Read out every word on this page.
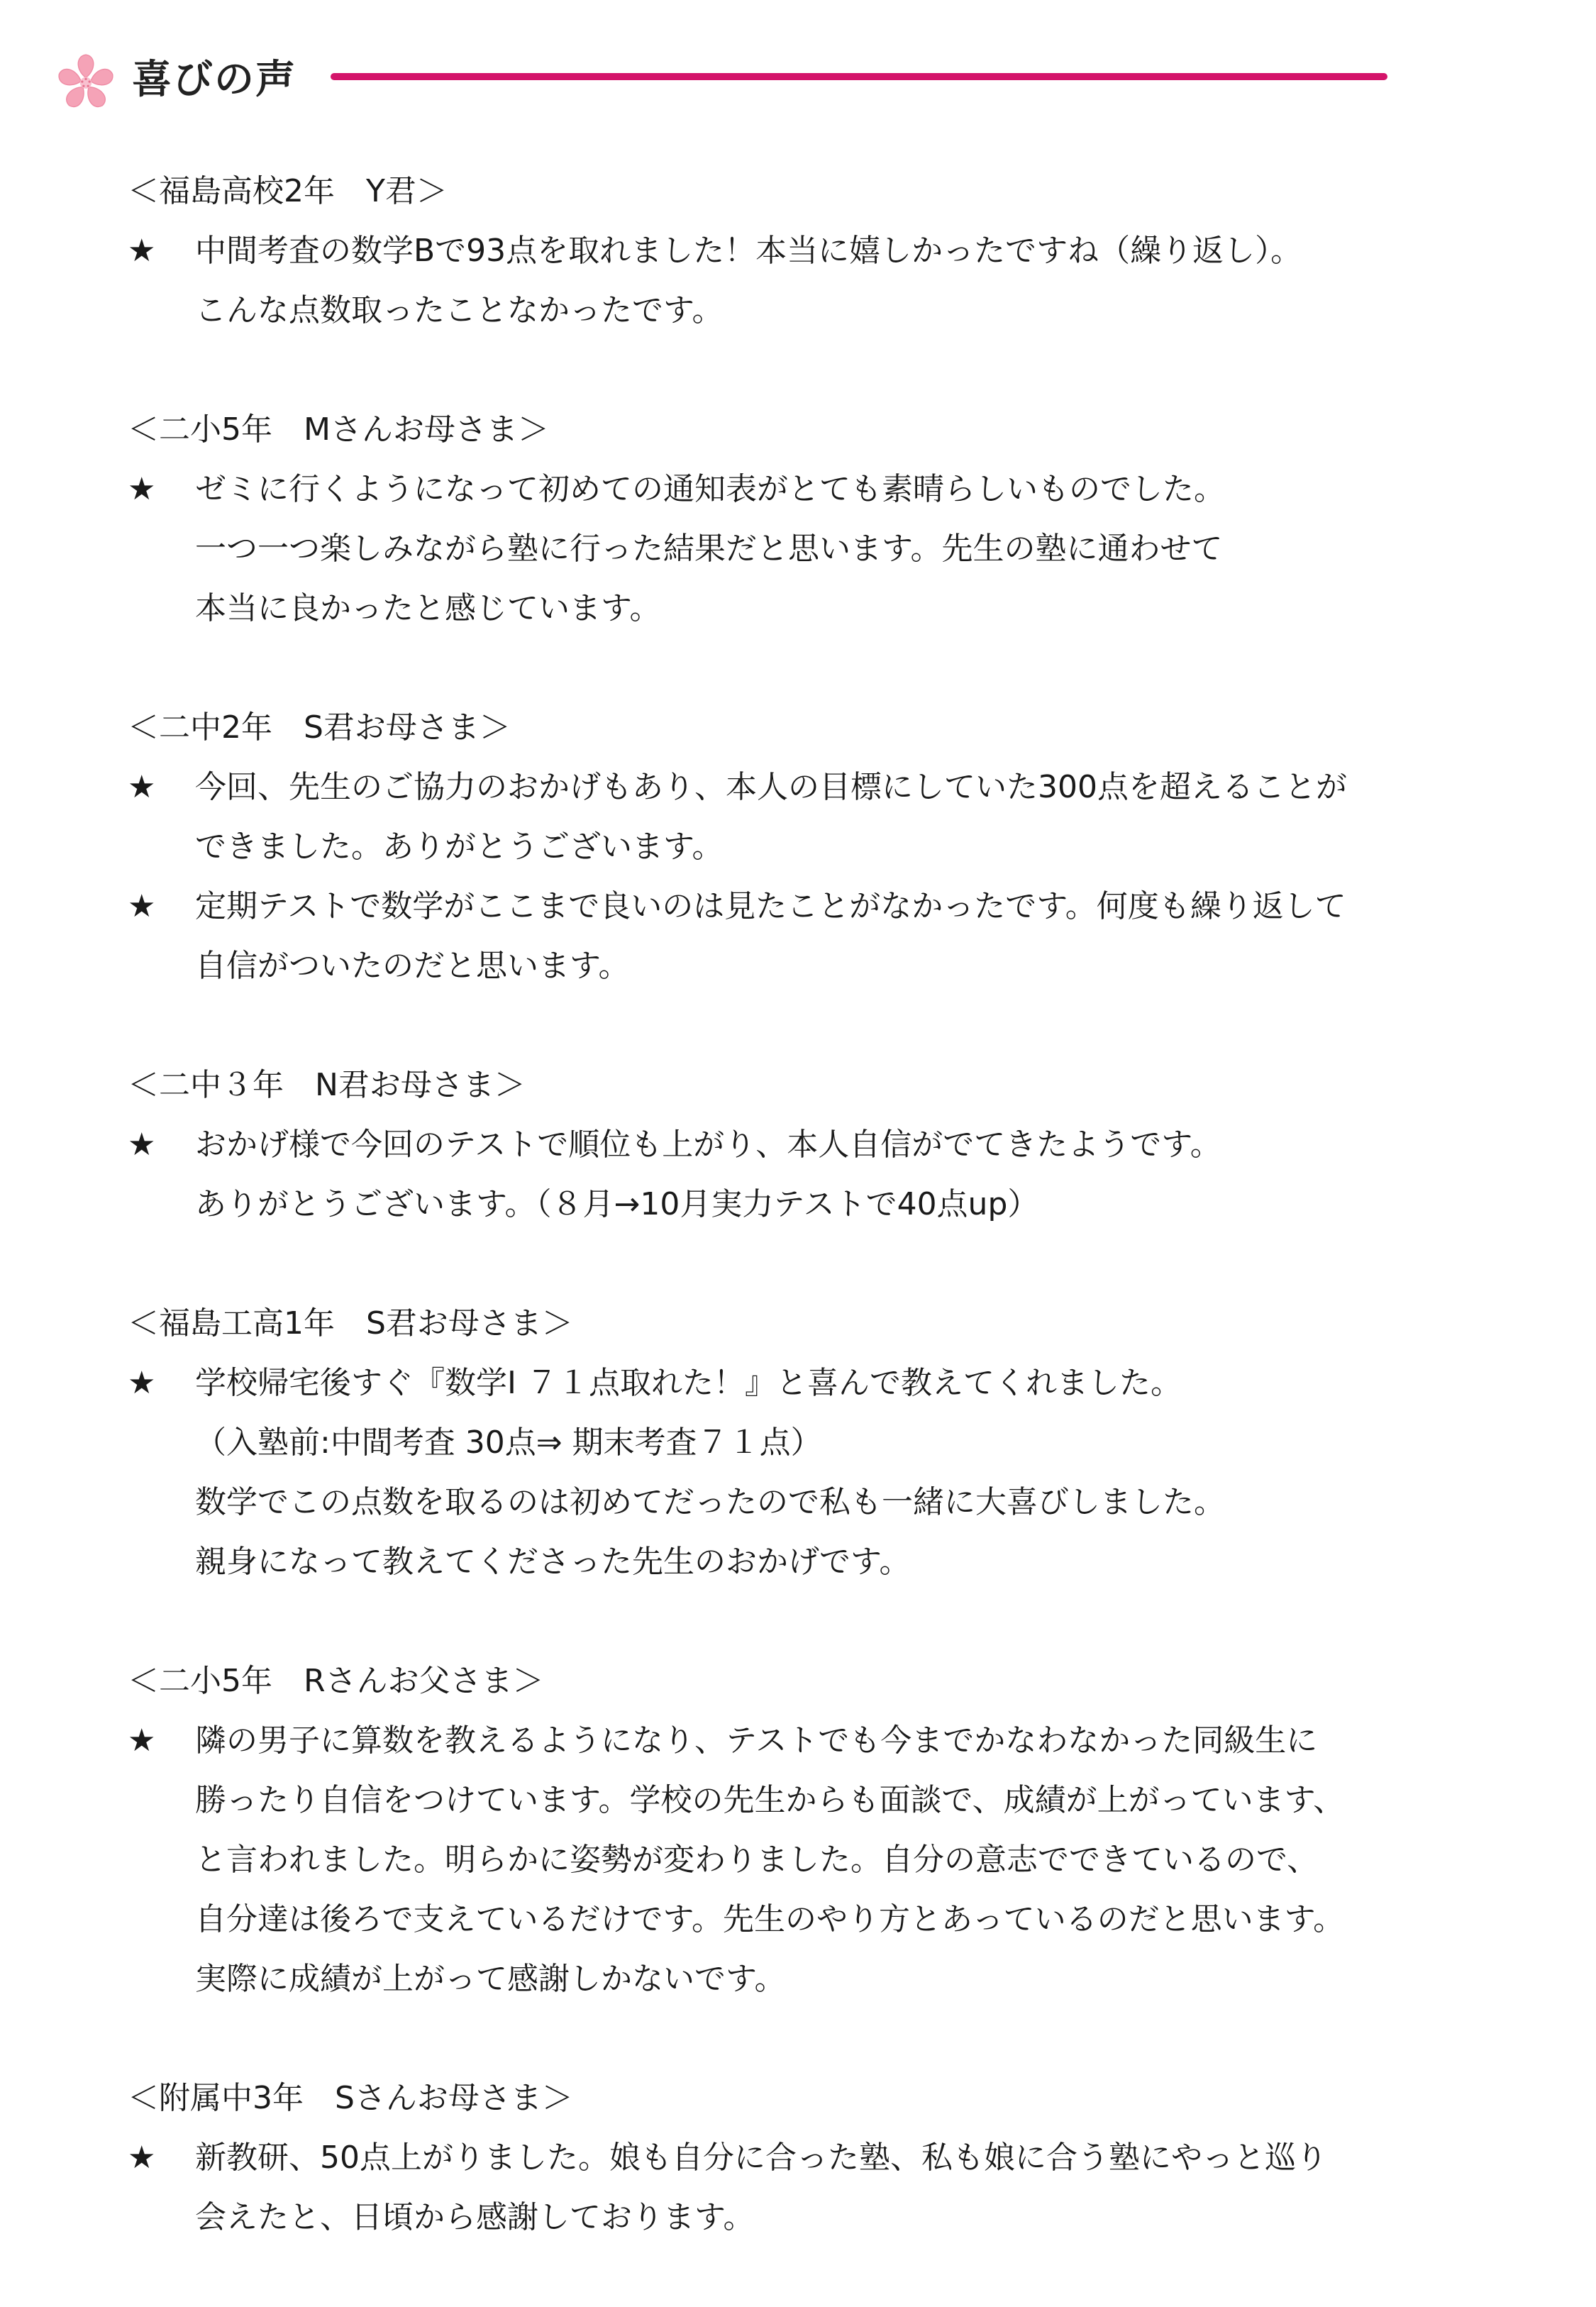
喜びの声
＜福島高校2年　Y君＞
★ 中間考査の数学Bで93点を取れました！本当に嬉しかったですね（繰り返し）。
こんな点数取ったことなかったです。
＜二小5年　Mさんお母さま＞
★ ゼミに行くようになって初めての通知表がとても素晴らしいものでした。
一つ一つ楽しみながら塾に行った結果だと思います。先生の塾に通わせて
本当に良かったと感じています。
＜二中2年　S君お母さま＞
★ 今回、先生のご協力のおかげもあり、本人の目標にしていた300点を超えることが
できました。ありがとうございます。
★ 定期テストで数学がここまで良いのは見たことがなかったです。何度も繰り返して
自信がついたのだと思います。
＜二中３年　N君お母さま＞
★ おかげ様で今回のテストで順位も上がり、本人自信がでてきたようです。
ありがとうございます。（８月→10月実力テストで40点up）
＜福島工高1年　S君お母さま＞
★ 学校帰宅後すぐ『数学Ⅰ ７１点取れた！』と喜んで教えてくれました。
（入塾前:中間考査 30点⇒ 期末考査７１点）
数学でこの点数を取るのは初めてだったので私も一緒に大喜びしました。
親身になって教えてくださった先生のおかげです。
＜二小5年　Rさんお父さま＞
★ 隣の男子に算数を教えるようになり、テストでも今までかなわなかった同級生に
勝ったり自信をつけています。学校の先生からも面談で、成績が上がっています、
と言われました。明らかに姿勢が変わりました。自分の意志でできているので、
自分達は後ろで支えているだけです。先生のやり方とあっているのだと思います。
実際に成績が上がって感謝しかないです。
＜附属中3年　Sさんお母さま＞
★ 新教研、50点上がりました。娘も自分に合った塾、私も娘に合う塾にやっと巡り
会えたと、日頃から感謝しております。
